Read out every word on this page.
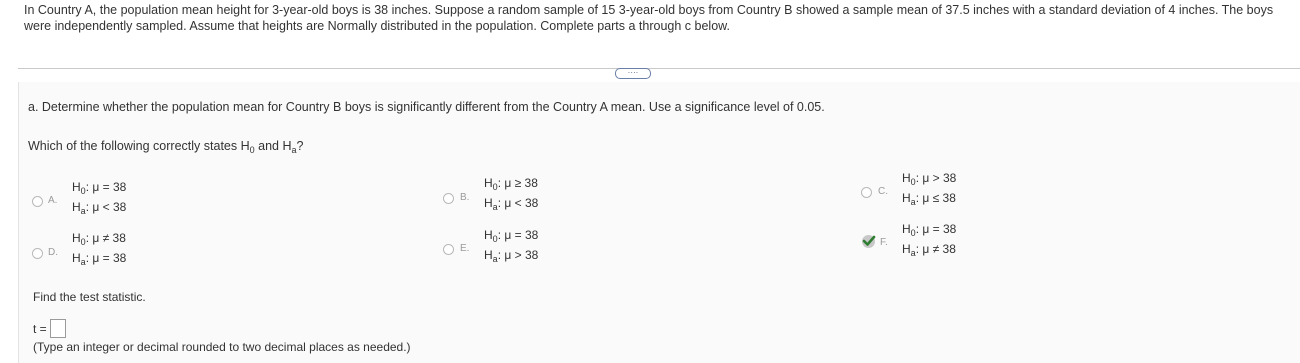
In Country A, the population mean height for 3-year-old boys is 38 inches. Suppose a random sample of 15 3-year-old boys from Country B showed a sample mean of 37.5 inches with a standard deviation of 4 inches. The boys were independently sampled. Assume that heights are Normally distributed in the population. Complete parts a through c below.
····
a. Determine whether the population mean for Country B boys is significantly different from the Country A mean. Use a significance level of 0.05.
Which of the following correctly states $H_0$ and $H_a$?
A.
$H_0$: μ = 38
$H_a$: μ < 38
B.
$H_0$: μ ≥ 38
$H_a$: μ < 38
C.
$H_0$: μ > 38
$H_a$: μ ≤ 38
D.
$H_0$: μ ≠ 38
$H_a$: μ = 38
E.
$H_0$: μ = 38
$H_a$: μ > 38
F.
$H_0$: μ = 38
$H_a$: μ ≠ 38
Find the test statistic.
t =
(Type an integer or decimal rounded to two decimal places as needed.)
